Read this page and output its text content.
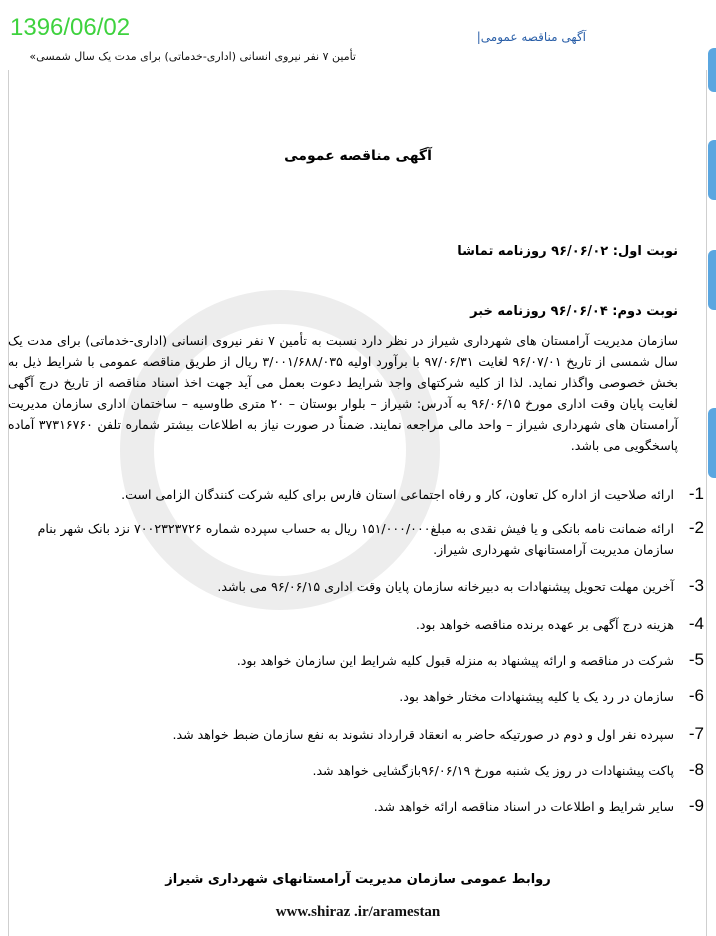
1396/06/02	آگهی مناقصه عمومی|
تأمین ۷ نفر نیروی انسانی (اداری-خدماتی) برای مدت یک سال شمسی»
آگهی مناقصه عمومی
نوبت اول: ۹۶/۰۶/۰۲ روزنامه تماشا
نوبت دوم: ۹۶/۰۶/۰۴ روزنامه خبر
سازمان مدیریت آرامستان های شهرداری شیراز در نظر دارد نسبت به تأمین ۷ نفر نیروی انسانی (اداری-خدماتی) برای مدت یک سال شمسی از تاریخ ۹۶/۰۷/۰۱ لغایت ۹۷/۰۶/۳۱ با برآورد اولیه ۳/۰۰۱/۶۸۸/۰۳۵ ریال از طریق مناقصه عمومی با شرایط ذیل به بخش خصوصی واگذار نماید. لذا از کلیه شرکتهای واجد شرایط دعوت بعمل می آید جهت اخذ اسناد مناقصه از تاریخ درج آگهی لغایت پایان وقت اداری مورخ ۹۶/۰۶/۱۵ به آدرس: شیراز – بلوار بوستان – ۲۰ متری طاوسیه – ساختمان اداری سازمان مدیریت آرامستان های شهرداری شیراز – واحد مالی مراجعه نمایند. ضمناً در صورت نیاز به اطلاعات بیشتر شماره تلفن ۳۷۳۱۶۷۶۰ آماده پاسخگویی می باشد.
1-
ارائه صلاحیت از اداره کل تعاون، کار و رفاه اجتماعی استان فارس برای کلیه شرکت کنندگان الزامی است.
2-
ارائه ضمانت نامه بانکی و یا فیش نقدی به مبلغ۱۵۱/۰۰۰/۰۰۰ ریال به حساب سپرده شماره ۷۰۰۲۳۲۳۷۲۶ نزد بانک شهر بنام سازمان مدیریت آرامستانهای شهرداری شیراز.
3-
آخرین مهلت تحویل پیشنهادات به دبیرخانه سازمان پایان وقت اداری ۹۶/۰۶/۱۵ می باشد.
4-
هزینه درج آگهی بر عهده برنده مناقصه خواهد بود.
5-
شرکت در مناقصه و ارائه پیشنهاد به منزله قبول کلیه شرایط این سازمان خواهد بود.
6-
سازمان در رد یک یا کلیه پیشنهادات مختار خواهد بود.
7-
سپرده نفر اول و دوم در صورتیکه حاضر به انعقاد قرارداد نشوند به نفع سازمان ضبط خواهد شد.
8-
پاکت پیشنهادات در روز یک شنبه مورخ ۹۶/۰۶/۱۹بازگشایی خواهد شد.
9-
سایر شرایط و اطلاعات در اسناد مناقصه ارائه خواهد شد.
روابط عمومی سازمان مدیریت آرامستانهای شهرداری شیراز
www.shiraz .ir/aramestan
